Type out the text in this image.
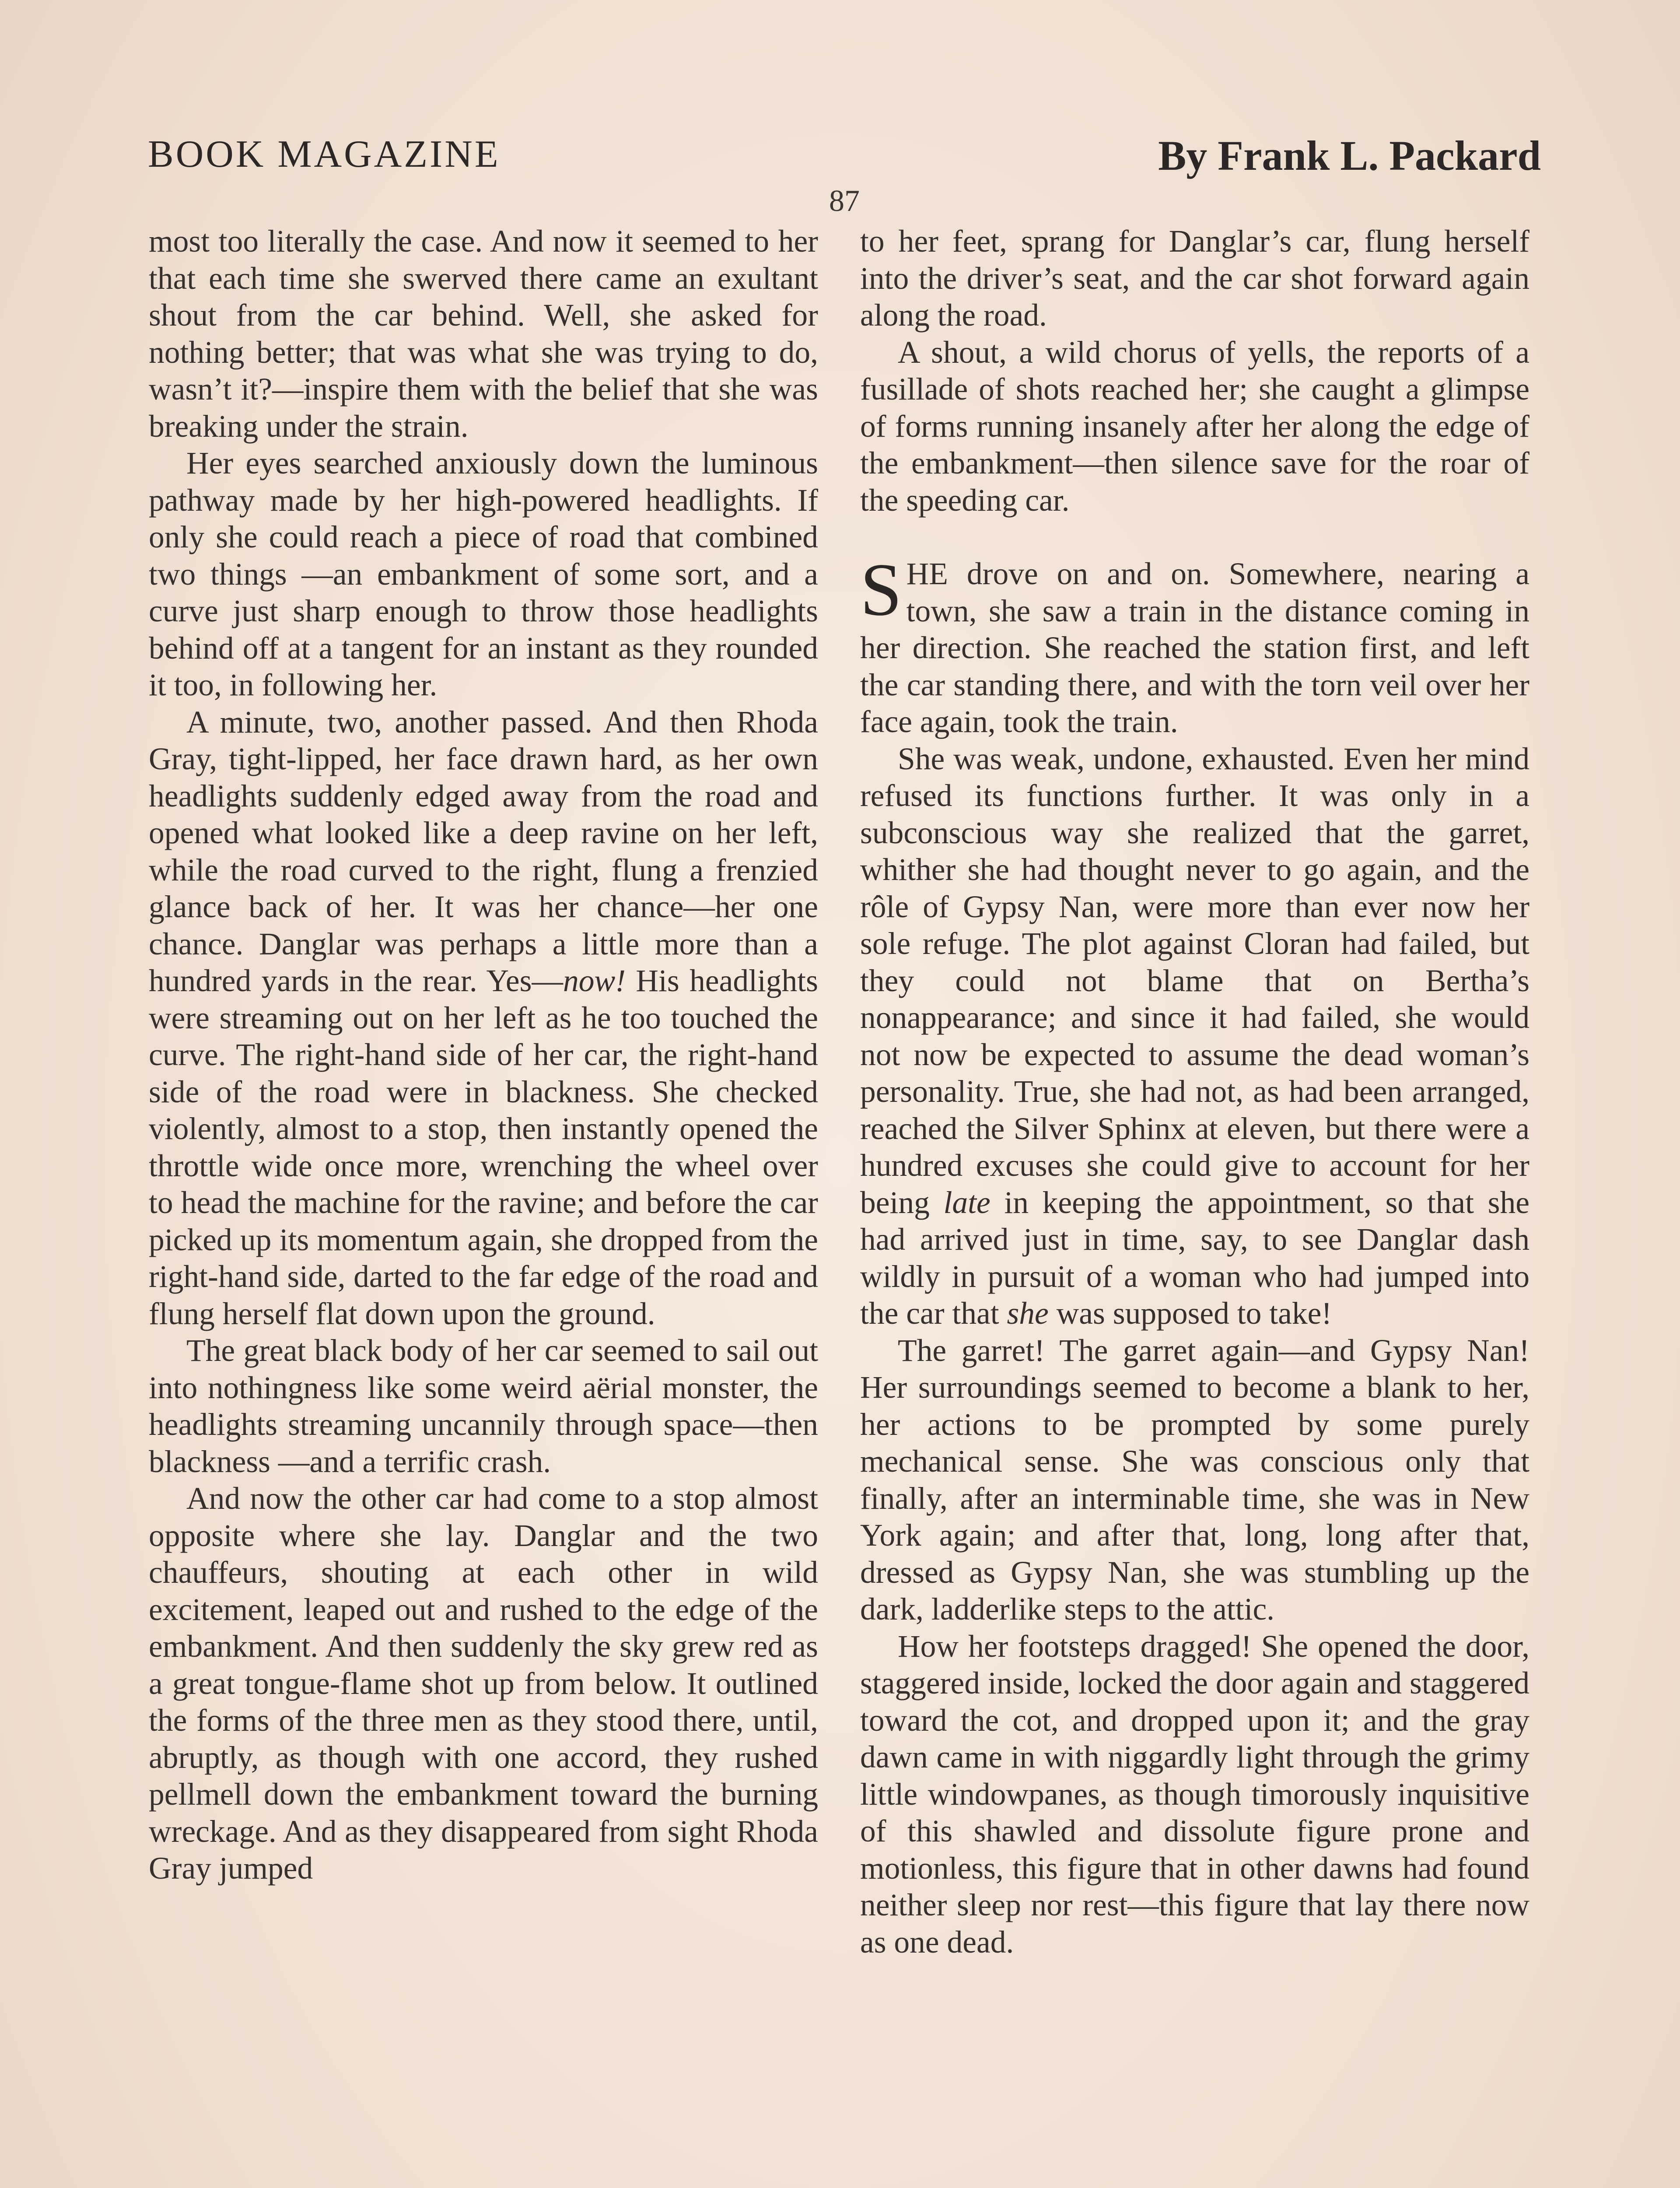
BOOK MAGAZINE	By Frank L. Packard
87

most too literally the case. And now it seemed to her that each time she swerved there came an exultant shout from the car behind. Well, she asked for nothing better; that was what she was trying to do, wasn’t it?—inspire them with the belief that she was breaking under the strain.

Her eyes searched anxiously down the luminous pathway made by her high-powered headlights. If only she could reach a piece of road that combined two things —an embankment of some sort, and a curve just sharp enough to throw those headlights behind off at a tangent for an instant as they rounded it too, in following her.

A minute, two, another passed. And then Rhoda Gray, tight-lipped, her face drawn hard, as her own headlights suddenly edged away from the road and opened what looked like a deep ravine on her left, while the road curved to the right, flung a frenzied glance back of her. It was her chance—her one chance. Danglar was perhaps a little more than a hundred yards in the rear. Yes—now! His headlights were streaming out on her left as he too touched the curve. The right-hand side of her car, the right-hand side of the road were in blackness. She checked violently, almost to a stop, then instantly opened the throttle wide once more, wrenching the wheel over to head the machine for the ravine; and before the car picked up its momentum again, she dropped from the right-hand side, darted to the far edge of the road and flung herself flat down upon the ground.

The great black body of her car seemed to sail out into nothingness like some weird aërial monster, the headlights streaming uncannily through space—then blackness —and a terrific crash.

And now the other car had come to a stop almost opposite where she lay. Danglar and the two chauffeurs, shouting at each other in wild excitement, leaped out and rushed to the edge of the embankment. And then suddenly the sky grew red as a great tongue-flame shot up from below. It outlined the forms of the three men as they stood there, until, abruptly, as though with one accord, they rushed pellmell down the embankment toward the burning wreckage. And as they disappeared from sight Rhoda Gray jumped

to her feet, sprang for Danglar’s car, flung herself into the driver’s seat, and the car shot forward again along the road.

A shout, a wild chorus of yells, the reports of a fusillade of shots reached her; she caught a glimpse of forms running insanely after her along the edge of the embankment—then silence save for the roar of the speeding car.

SHE drove on and on. Somewhere, nearing a town, she saw a train in the distance coming in her direction. She reached the station first, and left the car standing there, and with the torn veil over her face again, took the train.

She was weak, undone, exhausted. Even her mind refused its functions further. It was only in a subconscious way she realized that the garret, whither she had thought never to go again, and the rôle of Gypsy Nan, were more than ever now her sole refuge. The plot against Cloran had failed, but they could not blame that on Bertha’s nonappearance; and since it had failed, she would not now be expected to assume the dead woman’s personality. True, she had not, as had been arranged, reached the Silver Sphinx at eleven, but there were a hundred excuses she could give to account for her being late in keeping the appointment, so that she had arrived just in time, say, to see Danglar dash wildly in pursuit of a woman who had jumped into the car that she was supposed to take!

The garret! The garret again—and Gypsy Nan! Her surroundings seemed to become a blank to her, her actions to be prompted by some purely mechanical sense. She was conscious only that finally, after an interminable time, she was in New York again; and after that, long, long after that, dressed as Gypsy Nan, she was stumbling up the dark, ladderlike steps to the attic.

How her footsteps dragged! She opened the door, staggered inside, locked the door again and staggered toward the cot, and dropped upon it; and the gray dawn came in with niggardly light through the grimy little windowpanes, as though timorously inquisitive of this shawled and dissolute figure prone and motionless, this figure that in other dawns had found neither sleep nor rest—this figure that lay there now as one dead.
